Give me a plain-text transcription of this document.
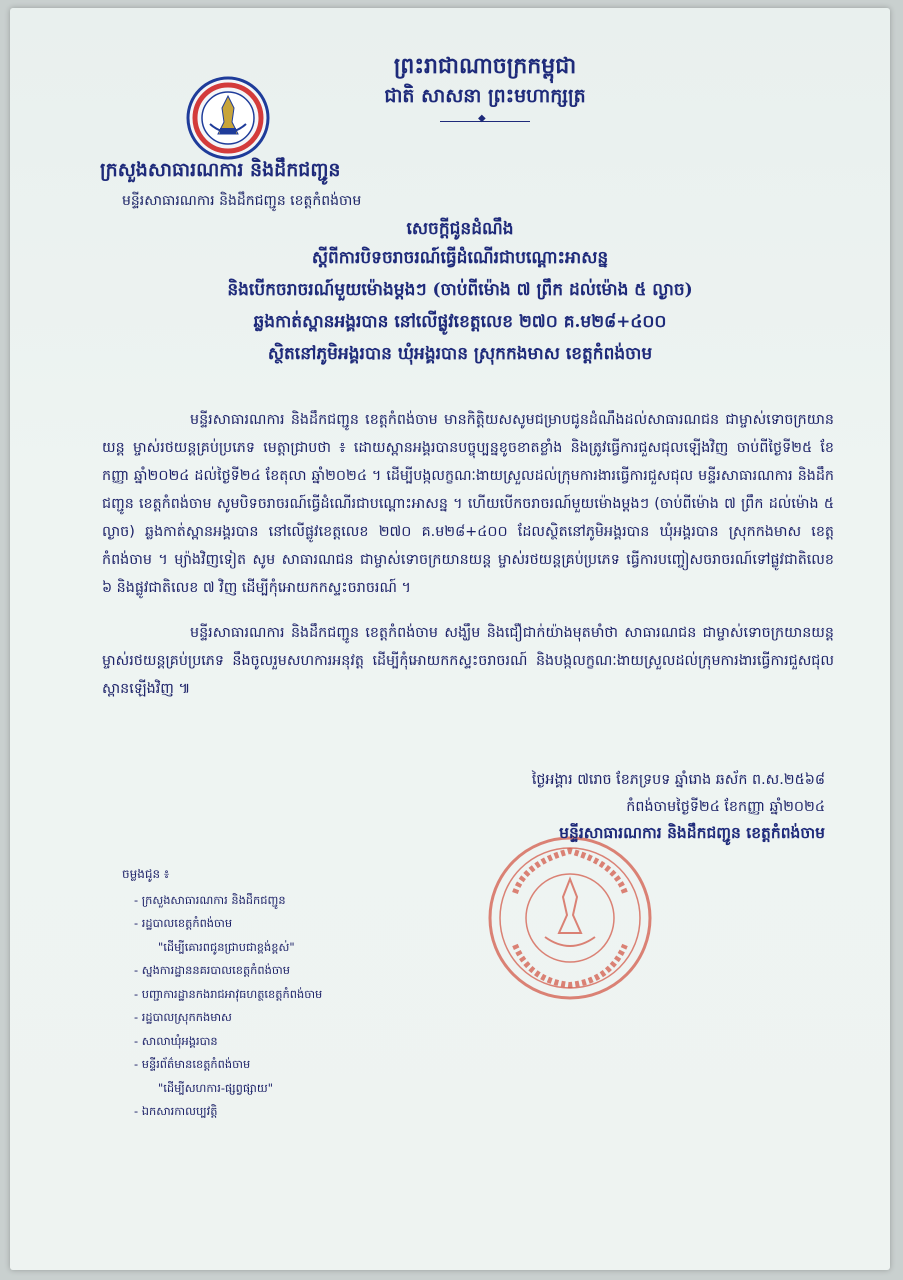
ព្រះរាជាណាចក្រកម្ពុជា
ជាតិ សាសនា ព្រះមហាក្សត្រ
◆
ក្រសួងសាធារណការ និងដឹកជញ្ជូន
មន្ទីរសាធារណការ និងដឹកជញ្ជូន ខេត្តកំពង់ចាម
សេចក្តីជូនដំណឹង
ស្តីពីការបិទចរាចរណ៍ធ្វើដំណើរជាបណ្តោះអាសន្ន
និងបើកចរាចរណ៍មួយម៉ោងម្តងៗ (ចាប់ពីម៉ោង ៧ ព្រឹក ដល់ម៉ោង ៥ ល្ងាច)
ឆ្លងកាត់ស្ពានអង្គរបាន នៅលើផ្លូវខេត្តលេខ ២៧០ គ.ម២៨+៤០០
ស្ថិតនៅភូមិអង្គរបាន ឃុំអង្គរបាន ស្រុកកងមាស ខេត្តកំពង់ចាម

មន្ទីរសាធារណការ និងដឹកជញ្ជូន ខេត្តកំពង់ចាម មានកិត្តិយសសូមជម្រាបជូនដំណឹងដល់សាធារណជន ជាម្ចាស់ទោចក្រយានយន្ត ម្ចាស់រថយន្តគ្រប់ប្រភេទ មេត្តាជ្រាបថា ៖ ដោយស្ពានអង្គរបានបច្ចុប្បន្នខូចខាតខ្លាំង និងត្រូវធ្វើការជួសជុលឡើងវិញ ចាប់ពីថ្ងៃទី២៥ ខែកញ្ញា ឆ្នាំ២០២៤ ដល់ថ្ងៃទី២៤ ខែតុលា ឆ្នាំ២០២៤ ។ ដើម្បីបង្កលក្ខណៈងាយស្រួលដល់ក្រុមការងារធ្វើការជួសជុល មន្ទីរសាធារណការ និងដឹកជញ្ជូន ខេត្តកំពង់ចាម សូមបិទចរាចរណ៍ធ្វើដំណើរជាបណ្តោះអាសន្ន ។ ហើយបើកចរាចរណ៍មួយម៉ោងម្តងៗ (ចាប់ពីម៉ោង ៧ ព្រឹក ដល់ម៉ោង ៥ ល្ងាច) ឆ្លងកាត់ស្ពានអង្គរបាន នៅលើផ្លូវខេត្តលេខ ២៧០ គ.ម២៨+៤០០ ដែលស្ថិតនៅភូមិអង្គរបាន ឃុំអង្គរបាន ស្រុកកងមាស ខេត្តកំពង់ចាម ។ ម្យ៉ាងវិញទៀត សូម សាធារណជន ជាម្ចាស់ទោចក្រយានយន្ត ម្ចាស់រថយន្តគ្រប់ប្រភេទ ធ្វើការបញ្ចៀសចរាចរណ៍ទៅផ្លូវជាតិលេខ ៦ និងផ្លូវជាតិលេខ ៧ វិញ ដើម្បីកុំអោយកកស្ទះចរាចរណ៍ ។

មន្ទីរសាធារណការ និងដឹកជញ្ជូន ខេត្តកំពង់ចាម សង្ឃឹម និងជឿជាក់យ៉ាងមុតមាំថា សាធារណជន ជាម្ចាស់ទោចក្រយានយន្ត ម្ចាស់រថយន្តគ្រប់ប្រភេទ នឹងចូលរួមសហការអនុវត្ត ដើម្បីកុំអោយកកស្ទះចរាចរណ៍ និងបង្កលក្ខណៈងាយស្រួលដល់ក្រុមការងារធ្វើការជួសជុលស្ពានឡើងវិញ ៕

ថ្ងៃអង្គារ ៧រោច ខែភទ្របទ ឆ្នាំរោង ឆស័ក ព.ស.២៥៦៨
កំពង់ចាមថ្ងៃទី២៤ ខែកញ្ញា ឆ្នាំ២០២៤
មន្ទីរសាធារណការ និងដឹកជញ្ជូន ខេត្តកំពង់ចាម
ចម្លងជូន ៖
- ក្រសួងសាធារណការ និងដឹកជញ្ជូន
- រដ្ឋបាលខេត្តកំពង់ចាម
"ដើម្បីគោរពជូនជ្រាបជាខ្ពង់ខ្ពស់"
- ស្នងការដ្ឋាននគរបាលខេត្តកំពង់ចាម
- បញ្ជាការដ្ឋានកងរាជអាវុធហត្ថខេត្តកំពង់ចាម
- រដ្ឋបាលស្រុកកងមាស
- សាលាឃុំអង្គរបាន
- មន្ទីរព័ត៌មានខេត្តកំពង់ចាម
"ដើម្បីសហការ-ផ្សព្វផ្សាយ"
- ឯកសារកាលប្បវត្តិ
